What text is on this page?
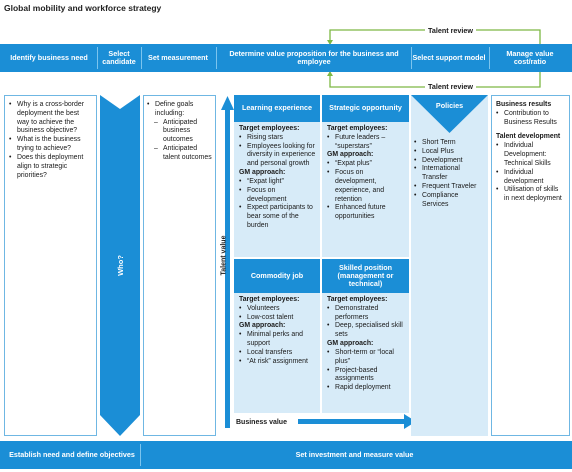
Global mobility and workforce strategy
Talent review
Talent review
Identify business need	Select candidate	Set measurement	Determine value proposition for the business and employee	Select support model	Manage value cost/ratio
• Why is a cross-border deployment the best way to achieve the business objective?
• What is the business trying to achieve?
• Does this deployment align to strategic priorities?
Who?
• Define goals including:
– Anticipated business outcomes
– Anticipated talent outcomes
Talent value
Business value
Learning experience
Target employees:
• Rising stars
• Employees looking for diversity in experience and personal growth
GM approach:
• “Expat light”
• Focus on development
• Expect participants to bear some of the burden
Strategic opportunity
Target employees:
• Future leaders – “superstars”
GM approach:
• “Expat plus”
• Focus on development, experience, and retention
• Enhanced future opportunities
Commodity job
Target employees:
• Volunteers
• Low-cost talent
GM approach:
• Minimal perks and support
• Local transfers
• “At risk” assignment
Skilled position (management or technical)
Target employees:
• Demonstrated performers
• Deep, specialised skill sets
GM approach:
• Short-term or “local plus”
• Project-based assignments
• Rapid deployment
Policies
• Short Term
• Local Plus
• Development
• International Transfer
• Frequent Traveler
• Compliance Services
Business results
• Contribution to Business Results
Talent development
• Individual Development: Technical Skills
• Individual development
• Utilisation of skills in next deployment
Establish need and define objectives	Set investment and measure value
